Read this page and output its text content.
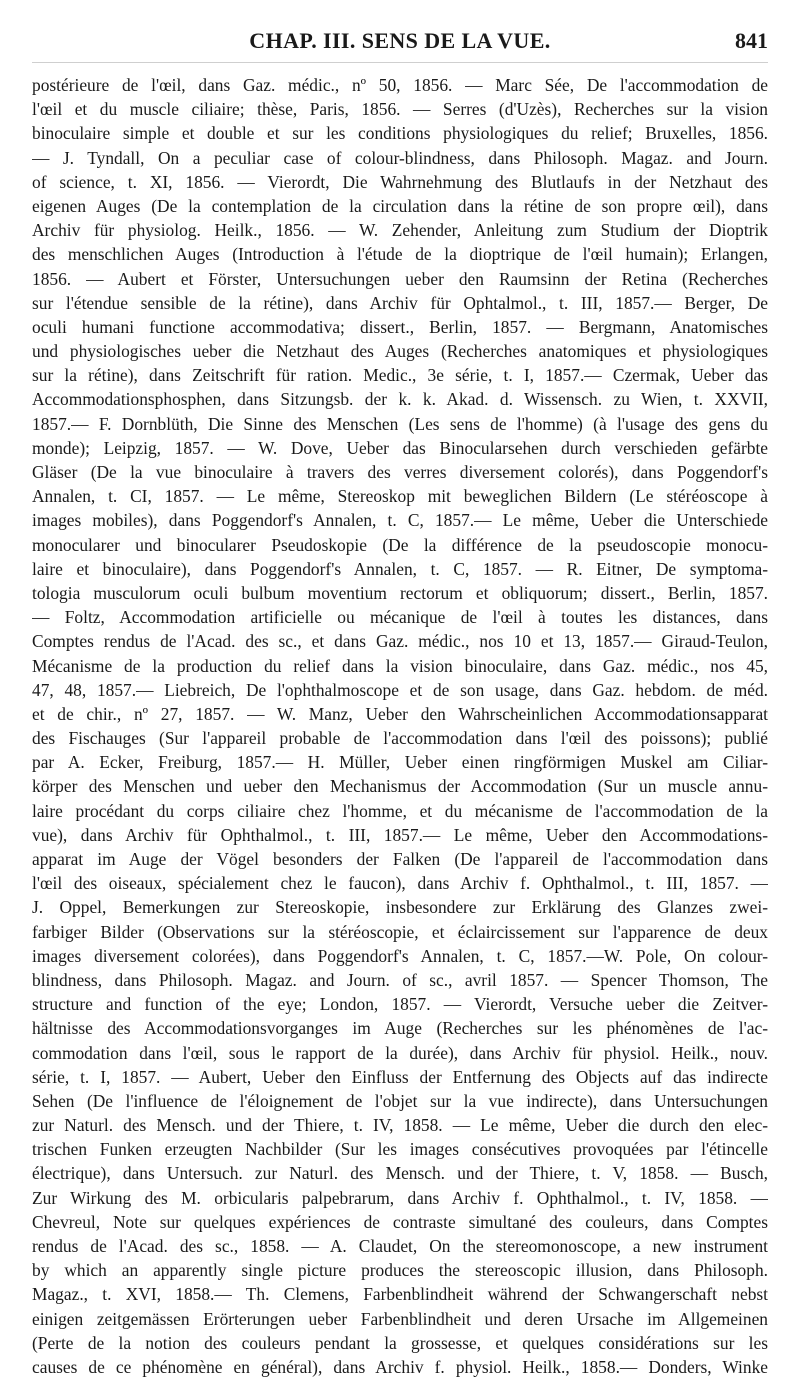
CHAP. III. SENS DE LA VUE.	841
postérieure de l'œil, dans Gaz. médic., nº 50, 1856. — Marc Sée, De l'accommodation de
l'œil et du muscle ciliaire; thèse, Paris, 1856. — Serres (d'Uzès), Recherches sur la vision
binoculaire simple et double et sur les conditions physiologiques du relief; Bruxelles, 1856.
— J. Tyndall, On a peculiar case of colour-blindness, dans Philosoph. Magaz. and Journ.
of science, t. XI, 1856. — Vierordt, Die Wahrnehmung des Blutlaufs in der Netzhaut des
eigenen Auges (De la contemplation de la circulation dans la rétine de son propre œil), dans
Archiv für physiolog. Heilk., 1856. — W. Zehender, Anleitung zum Studium der Dioptrik
des menschlichen Auges (Introduction à l'étude de la dioptrique de l'œil humain); Erlangen,
1856. — Aubert et Förster, Untersuchungen ueber den Raumsinn der Retina (Recherches
sur l'étendue sensible de la rétine), dans Archiv für Ophtalmol., t. III, 1857.— Berger, De
oculi humani functione accommodativa; dissert., Berlin, 1857. — Bergmann, Anatomisches
und physiologisches ueber die Netzhaut des Auges (Recherches anatomiques et physiologiques
sur la rétine), dans Zeitschrift für ration. Medic., 3e série, t. I, 1857.— Czermak, Ueber das
Accommodationsphosphen, dans Sitzungsb. der k. k. Akad. d. Wissensch. zu Wien, t. XXVII,
1857.— F. Dornblüth, Die Sinne des Menschen (Les sens de l'homme) (à l'usage des gens du
monde); Leipzig, 1857. — W. Dove, Ueber das Binocularsehen durch verschieden gefärbte
Gläser (De la vue binoculaire à travers des verres diversement colorés), dans Poggendorf's
Annalen, t. CI, 1857. — Le même, Stereoskop mit beweglichen Bildern (Le stéréoscope à
images mobiles), dans Poggendorf's Annalen, t. C, 1857.— Le même, Ueber die Unterschiede
monocularer und binocularer Pseudoskopie (De la différence de la pseudoscopie monocu-
laire et binoculaire), dans Poggendorf's Annalen, t. C, 1857. — R. Eitner, De symptoma-
tologia musculorum oculi bulbum moventium rectorum et obliquorum; dissert., Berlin, 1857.
— Foltz, Accommodation artificielle ou mécanique de l'œil à toutes les distances, dans
Comptes rendus de l'Acad. des sc., et dans Gaz. médic., nos 10 et 13, 1857.— Giraud-Teulon,
Mécanisme de la production du relief dans la vision binoculaire, dans Gaz. médic., nos 45,
47, 48, 1857.— Liebreich, De l'ophthalmoscope et de son usage, dans Gaz. hebdom. de méd.
et de chir., nº 27, 1857. — W. Manz, Ueber den Wahrscheinlichen Accommodationsapparat
des Fischauges (Sur l'appareil probable de l'accommodation dans l'œil des poissons); publié
par A. Ecker, Freiburg, 1857.— H. Müller, Ueber einen ringförmigen Muskel am Ciliar-
körper des Menschen und ueber den Mechanismus der Accommodation (Sur un muscle annu-
laire procédant du corps ciliaire chez l'homme, et du mécanisme de l'accommodation de la
vue), dans Archiv für Ophthalmol., t. III, 1857.— Le même, Ueber den Accommodations-
apparat im Auge der Vögel besonders der Falken (De l'appareil de l'accommodation dans
l'œil des oiseaux, spécialement chez le faucon), dans Archiv f. Ophthalmol., t. III, 1857. —
J. Oppel, Bemerkungen zur Stereoskopie, insbesondere zur Erklärung des Glanzes zwei-
farbiger Bilder (Observations sur la stéréoscopie, et éclaircissement sur l'apparence de deux
images diversement colorées), dans Poggendorf's Annalen, t. C, 1857.—W. Pole, On colour-
blindness, dans Philosoph. Magaz. and Journ. of sc., avril 1857. — Spencer Thomson, The
structure and function of the eye; London, 1857. — Vierordt, Versuche ueber die Zeitver-
hältnisse des Accommodationsvorganges im Auge (Recherches sur les phénomènes de l'ac-
commodation dans l'œil, sous le rapport de la durée), dans Archiv für physiol. Heilk., nouv.
série, t. I, 1857. — Aubert, Ueber den Einfluss der Entfernung des Objects auf das indirecte
Sehen (De l'influence de l'éloignement de l'objet sur la vue indirecte), dans Untersuchungen
zur Naturl. des Mensch. und der Thiere, t. IV, 1858. — Le même, Ueber die durch den elec-
trischen Funken erzeugten Nachbilder (Sur les images consécutives provoquées par l'étincelle
électrique), dans Untersuch. zur Naturl. des Mensch. und der Thiere, t. V, 1858. — Busch,
Zur Wirkung des M. orbicularis palpebrarum, dans Archiv f. Ophthalmol., t. IV, 1858. —
Chevreul, Note sur quelques expériences de contraste simultané des couleurs, dans Comptes
rendus de l'Acad. des sc., 1858. — A. Claudet, On the stereomonoscope, a new instrument
by which an apparently single picture produces the stereoscopic illusion, dans Philosoph.
Magaz., t. XVI, 1858.— Th. Clemens, Farbenblindheit während der Schwangerschaft nebst
einigen zeitgemässen Erörterungen ueber Farbenblindheit und deren Ursache im Allgemeinen
(Perte de la notion des couleurs pendant la grossesse, et quelques considérations sur les
causes de ce phénomène en général), dans Archiv f. physiol. Heilk., 1858.— Donders, Winke
